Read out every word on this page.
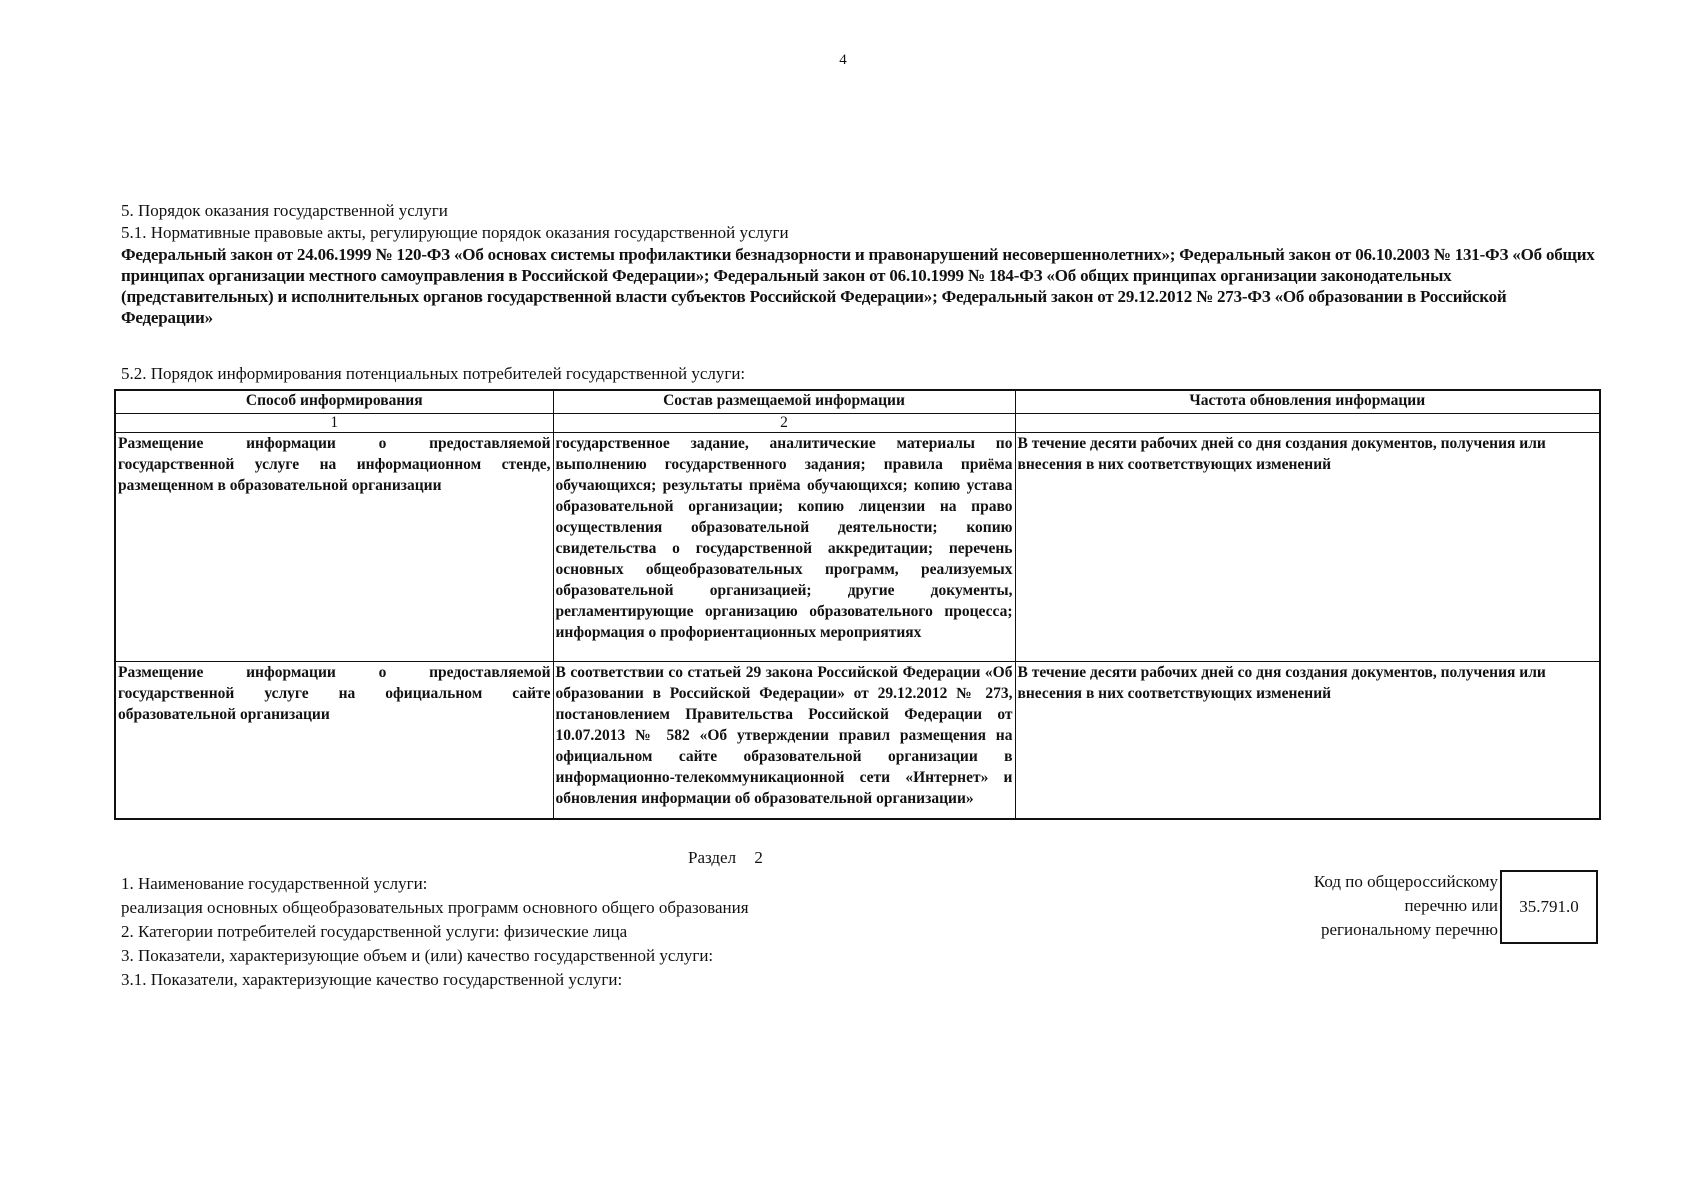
4
5. Порядок оказания государственной услуги
5.1. Нормативные правовые акты, регулирующие порядок оказания государственной услуги
Федеральный закон от 24.06.1999 № 120-ФЗ «Об основах системы профилактики безнадзорности и правонарушений несовершеннолетних»; Федеральный закон от 06.10.2003 № 131-ФЗ «Об общих принципах организации местного самоуправления в Российской Федерации»; Федеральный закон от 06.10.1999 № 184-ФЗ «Об общих принципах организации законодательных (представительных) и исполнительных органов государственной власти субъектов Российской Федерации»; Федеральный закон от 29.12.2012 № 273-ФЗ «Об образовании в Российской Федерации»
5.2. Порядок информирования потенциальных потребителей государственной услуги:
Способ информирования	Состав размещаемой информации	Частота обновления информации
1	2	
Размещение информации о предоставляемой государственной услуге на информационном стенде, размещенном в образовательной организации	государственное задание, аналитические материалы по выполнению государственного задания; правила приёма обучающихся; результаты приёма обучающихся; копию устава образовательной организации; копию лицензии на право осуществления образовательной деятельности; копию свидетельства о государственной аккредитации; перечень основных общеобразовательных программ, реализуемых образовательной организацией; другие документы, регламентирующие организацию образовательного процесса; информация о профориентационных мероприятиях	В течение десяти рабочих дней со дня создания документов, получения или внесения в них соответствующих изменений
Размещение информации о предоставляемой государственной услуге на официальном сайте образовательной организации	В соответствии со статьей 29 закона Российской Федерации «Об образовании в Российской Федерации» от 29.12.2012 № 273, постановлением Правительства Российской Федерации от 10.07.2013 № 582 «Об утверждении правил размещения на официальном сайте образовательной организации в информационно-телекоммуникационной сети «Интернет» и обновления информации об образовательной организации»	В течение десяти рабочих дней со дня создания документов, получения или внесения в них соответствующих изменений
Раздел 2
1. Наименование государственной услуги:
реализация основных общеобразовательных программ основного общего образования
2. Категории потребителей государственной услуги: физические лица
3. Показатели, характеризующие объем и (или) качество государственной услуги:
3.1. Показатели, характеризующие качество государственной услуги:
Код по общероссийскому
перечню или
региональному перечню
35.791.0
